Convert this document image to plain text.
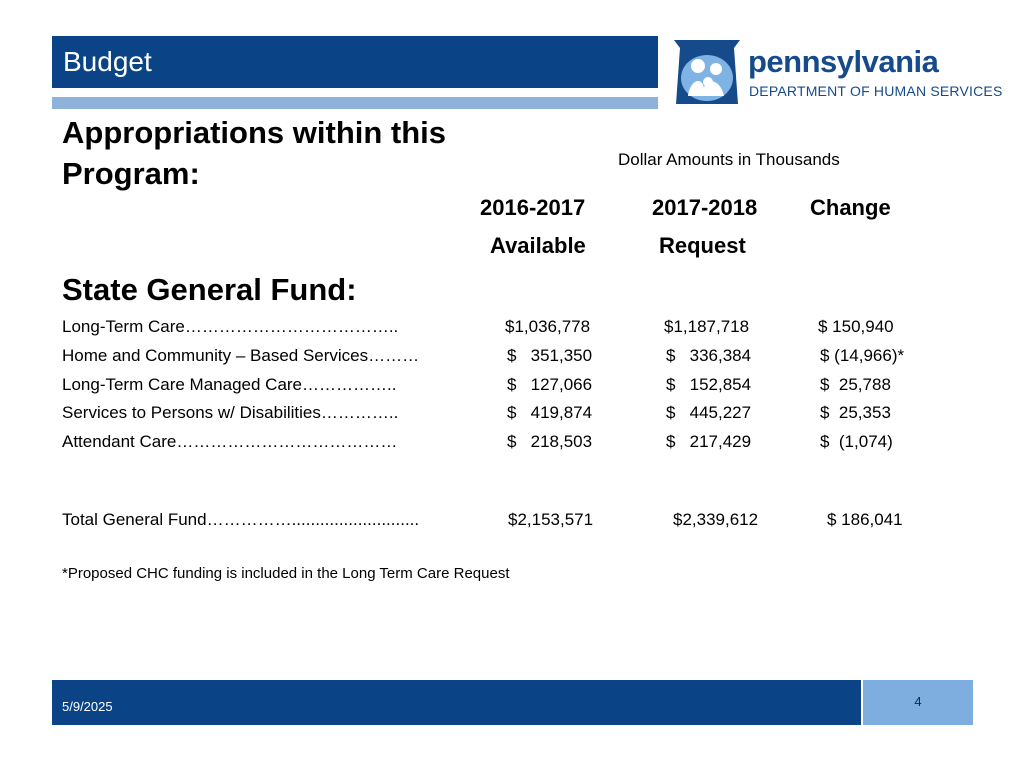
Budget	pennsylvania
DEPARTMENT OF HUMAN SERVICES
Appropriations within this
Program:	Dollar Amounts in Thousands
2016-2017
Available
2017-2018
Request
Change
State General Fund:
Long-Term Care………………………………..	$1,036,778	$1,187,718	$ 150,940
Home and Community – Based Services………	$   351,350	$   336,384	$ (14,966)*
Long-Term Care Managed Care……………..	$   127,066	$   152,854	$  25,788
Services to Persons w/ Disabilities…………..	$   419,874	$   445,227	$  25,353
Attendant Care…………………………………	$   218,503	$   217,429	$  (1,074)
Total General Fund……………...........................	$2,153,571	$2,339,612	$ 186,041
*Proposed CHC funding is included in the Long Term Care Request
5/9/2025	4
